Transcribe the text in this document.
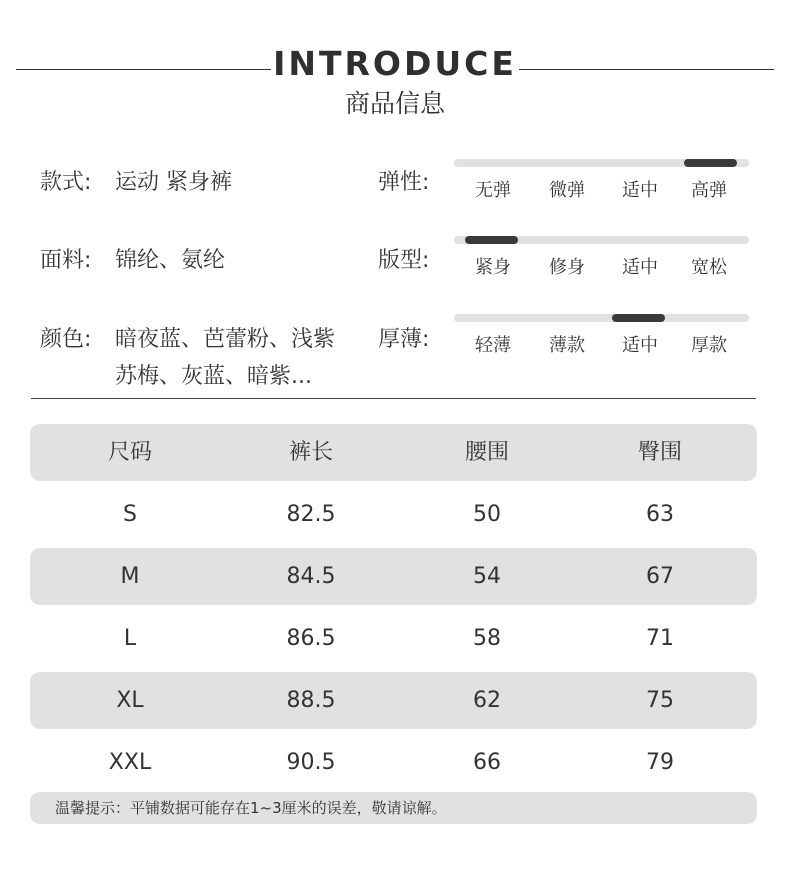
INTRODUCE
商品信息
款式: 运动 紧身裤
面料: 锦纶、氨纶
颜色: 暗夜蓝、芭蕾粉、浅紫
苏梅、灰蓝、暗紫...
弹性:	无弹	微弹	适中	高弹
版型:	紧身	修身	适中	宽松
厚薄:	轻薄	薄款	适中	厚款
尺码	裤长	腰围	臀围
S	82.5	50	63
M	84.5	54	67
L	86.5	58	71
XL	88.5	62	75
XXL	90.5	66	79
温馨提示：平铺数据可能存在1~3厘米的误差，敬请谅解。
